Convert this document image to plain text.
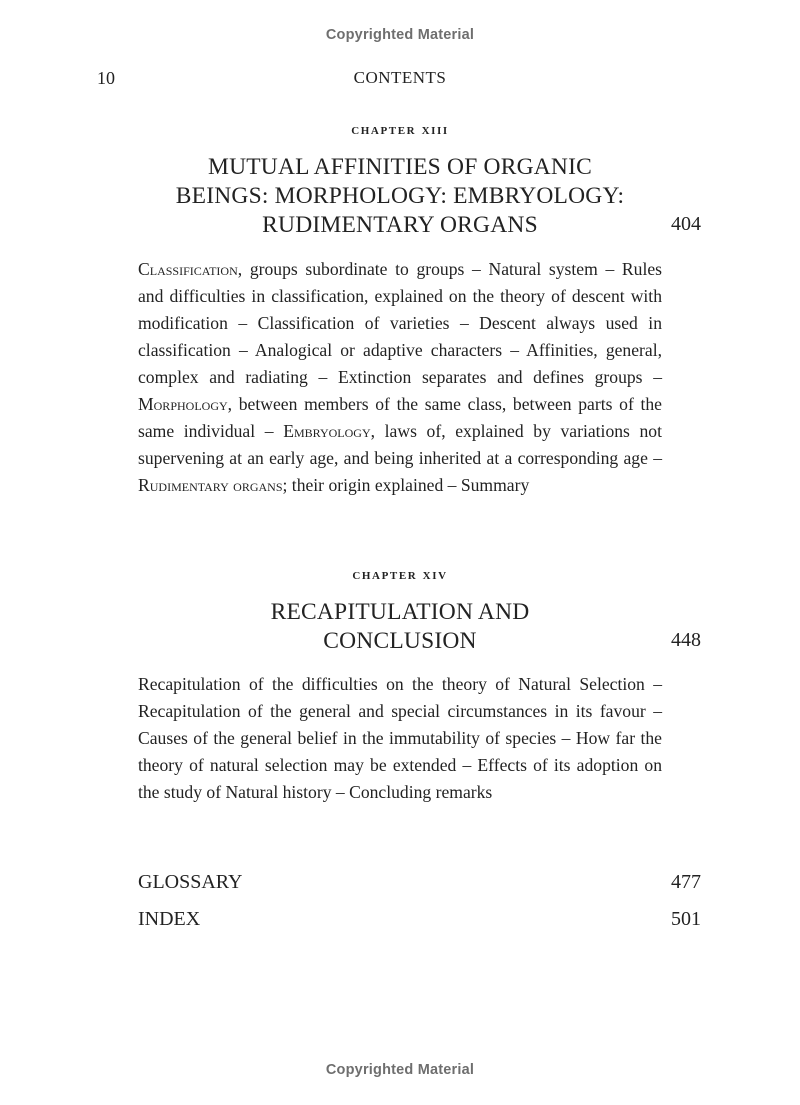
Copyrighted Material
10	CONTENTS
chapter xiii
MUTUAL AFFINITIES OF ORGANIC
BEINGS: MORPHOLOGY: EMBRYOLOGY:
RUDIMENTARY ORGANS	404
Classification, groups subordinate to groups – Natural system – Rules and difficulties in classification, explained on the theory of descent with modification – Classification of varieties – Descent always used in classification – Analogical or adaptive characters – Affinities, general, complex and radiating – Extinction separates and defines groups – Morphology, between members of the same class, between parts of the same individual – Embryology, laws of, explained by variations not supervening at an early age, and being inherited at a corresponding age – Rudimentary organs; their origin explained – Summary
chapter xiv
RECAPITULATION AND
CONCLUSION	448
Recapitulation of the difficulties on the theory of Natural Selection – Recapitulation of the general and special circumstances in its favour – Causes of the general belief in the immutability of species – How far the theory of natural selection may be extended – Effects of its adoption on the study of Natural history – Concluding remarks
GLOSSARY	477
INDEX	501
Copyrighted Material
